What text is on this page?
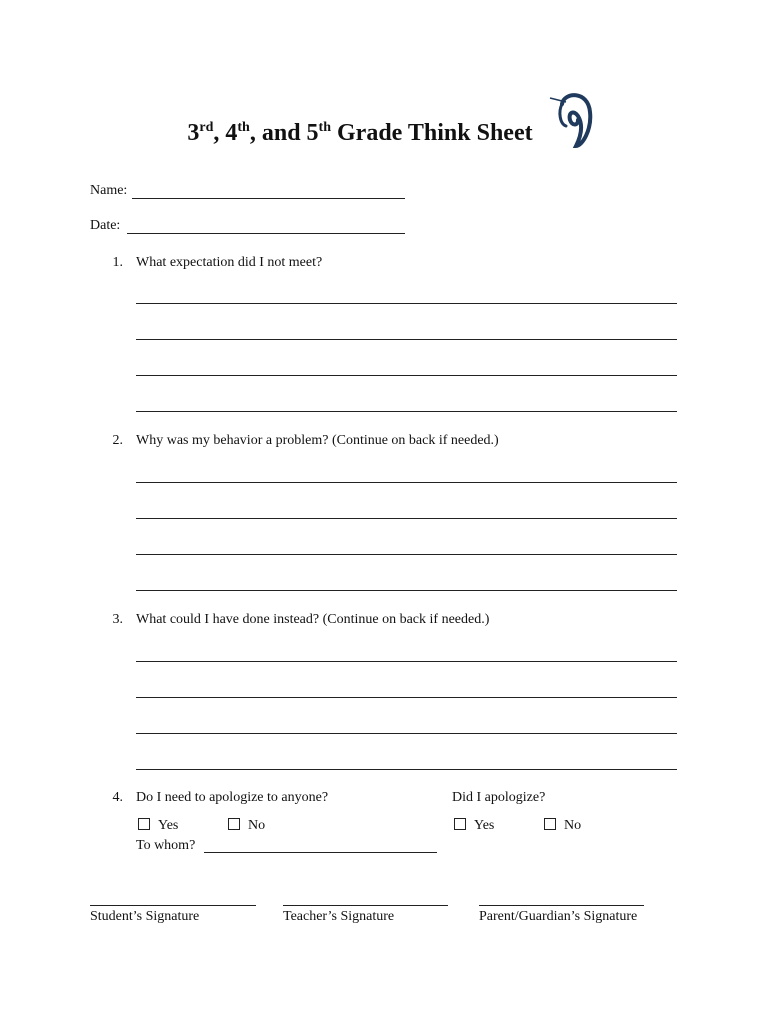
3rd, 4th, and 5th Grade Think Sheet
Name:
Date:
1. What expectation did I not meet?
2. Why was my behavior a problem? (Continue on back if needed.)
3. What could I have done instead? (Continue on back if needed.)
4. Do I need to apologize to anyone?	Did I apologize?
Yes	No	Yes	No
To whom?
Student’s Signature	Teacher’s Signature	Parent/Guardian’s Signature
